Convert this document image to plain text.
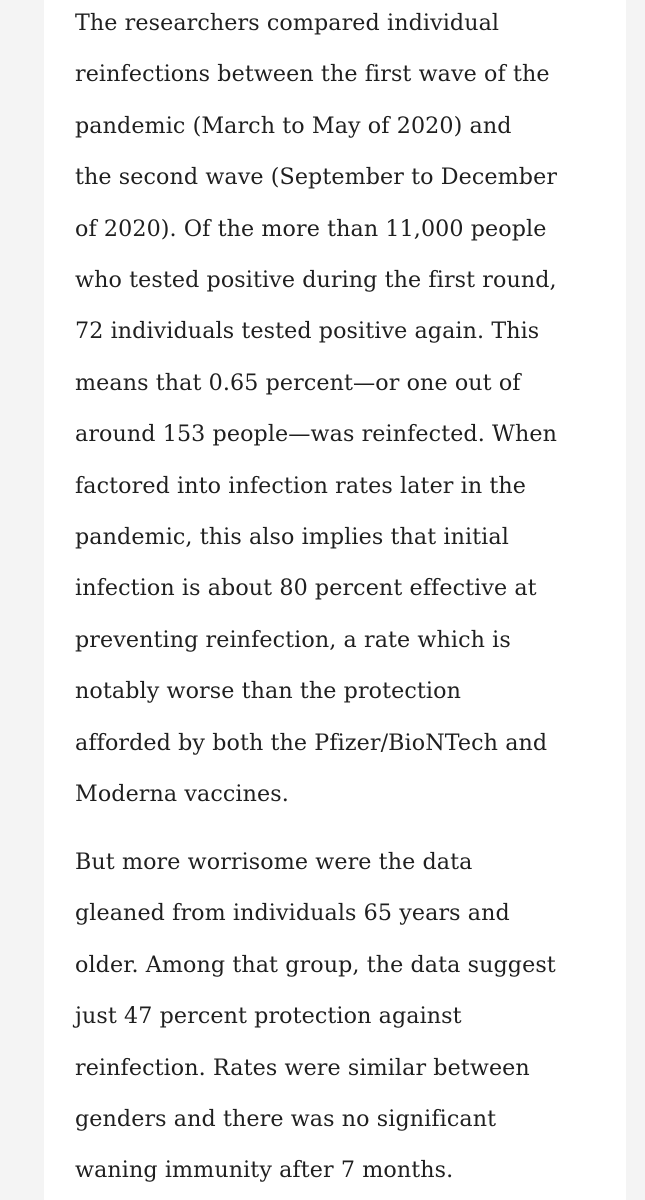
The researchers compared individual
reinfections between the first wave of the
pandemic (March to May of 2020) and
the second wave (September to December
of 2020). Of the more than 11,000 people
who tested positive during the first round,
72 individuals tested positive again. This
means that 0.65 percent—or one out of
around 153 people—was reinfected. When
factored into infection rates later in the
pandemic, this also implies that initial
infection is about 80 percent effective at
preventing reinfection, a rate which is
notably worse than the protection
afforded by both the Pfizer/BioNTech and
Moderna vaccines.
But more worrisome were the data
gleaned from individuals 65 years and
older. Among that group, the data suggest
just 47 percent protection against
reinfection. Rates were similar between
genders and there was no significant
waning immunity after 7 months.
